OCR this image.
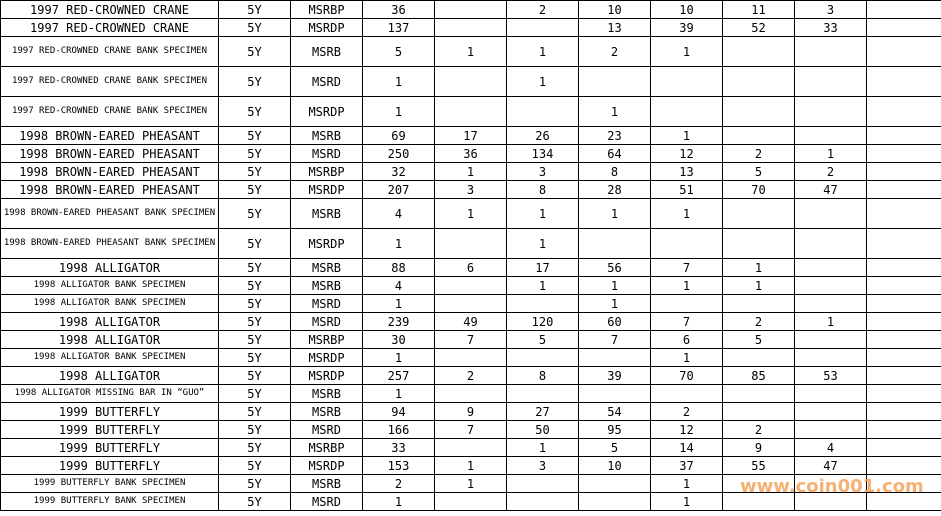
1997 RED-CROWNED CRANE	5Y	MSRBP	36		2	10	10	11	3	
1997 RED-CROWNED CRANE	5Y	MSRDP	137			13	39	52	33	
1997 RED-CROWNED CRANE BANK SPECIMEN	5Y	MSRB	5	1	1	2	1			
1997 RED-CROWNED CRANE BANK SPECIMEN	5Y	MSRD	1		1					
1997 RED-CROWNED CRANE BANK SPECIMEN	5Y	MSRDP	1			1				
1998 BROWN-EARED PHEASANT	5Y	MSRB	69	17	26	23	1			
1998 BROWN-EARED PHEASANT	5Y	MSRD	250	36	134	64	12	2	1	
1998 BROWN-EARED PHEASANT	5Y	MSRBP	32	1	3	8	13	5	2	
1998 BROWN-EARED PHEASANT	5Y	MSRDP	207	3	8	28	51	70	47	
1998 BROWN-EARED PHEASANT BANK SPECIMEN	5Y	MSRB	4	1	1	1	1			
1998 BROWN-EARED PHEASANT BANK SPECIMEN	5Y	MSRDP	1		1					
1998 ALLIGATOR	5Y	MSRB	88	6	17	56	7	1		
1998 ALLIGATOR BANK SPECIMEN	5Y	MSRB	4		1	1	1	1		
1998 ALLIGATOR BANK SPECIMEN	5Y	MSRD	1			1				
1998 ALLIGATOR	5Y	MSRD	239	49	120	60	7	2	1	
1998 ALLIGATOR	5Y	MSRBP	30	7	5	7	6	5		
1998 ALLIGATOR BANK SPECIMEN	5Y	MSRDP	1				1			
1998 ALLIGATOR	5Y	MSRDP	257	2	8	39	70	85	53	
1998 ALLIGATOR MISSING BAR IN “GUO”	5Y	MSRB	1							
1999 BUTTERFLY	5Y	MSRB	94	9	27	54	2			
1999 BUTTERFLY	5Y	MSRD	166	7	50	95	12	2		
1999 BUTTERFLY	5Y	MSRBP	33		1	5	14	9	4	
1999 BUTTERFLY	5Y	MSRDP	153	1	3	10	37	55	47	
1999 BUTTERFLY BANK SPECIMEN	5Y	MSRB	2	1			1			
1999 BUTTERFLY BANK SPECIMEN	5Y	MSRD	1				1			
www.coin001.com
